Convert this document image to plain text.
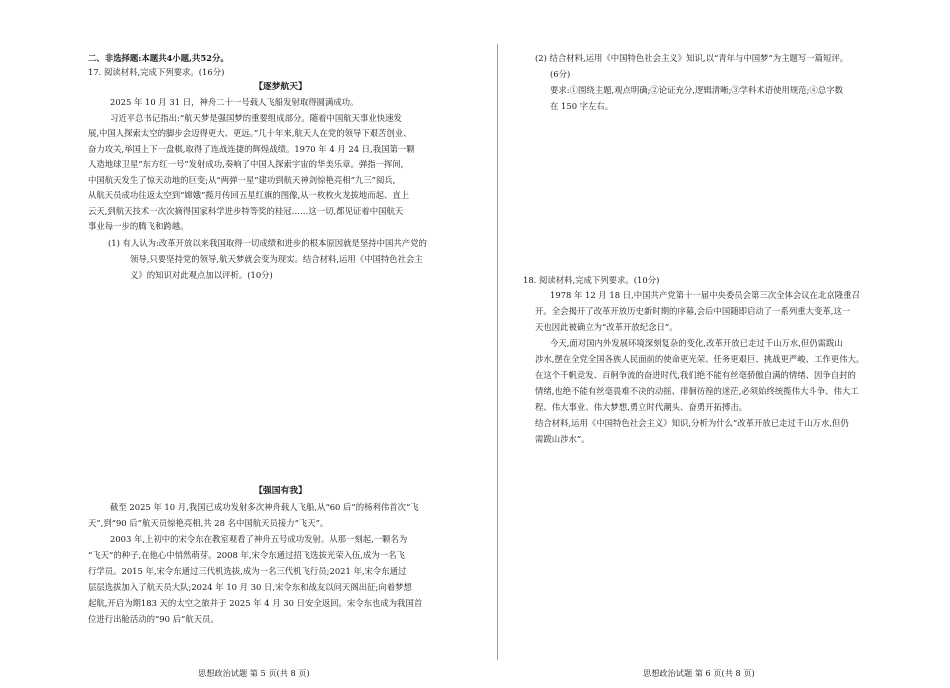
二、非选择题:本题共4小题,共52分。
17. 阅读材料,完成下列要求。(16分)
【逐梦航天】
2025 年 10 月 31 日，神舟二十一号载人飞船发射取得圆满成功。
习近平总书记指出:“航天梦是强国梦的重要组成部分。随着中国航天事业快速发
展,中国人探索太空的脚步会迈得更大、更远。”几十年来,航天人在党的领导下艰苦创业、
奋力攻关,举国上下一盘棋,取得了连战连捷的辉煌战绩。1970 年 4 月 24 日,我国第一颗
人造地球卫星“东方红一号”发射成功,奏响了中国人探索宇宙的华美乐章。弹指一挥间,
中国航天发生了惊天动地的巨变;从“两弹一星”建功到航天神剑惊艳亮相“九三”阅兵,
从航天员成功往返太空到“嫦娥”揽月传回五星红旗的图像,从一枚枚火龙拔地而起、直上
云天,到航天技术一次次摘得国家科学进步特等奖的桂冠……这一切,都见证着中国航天
事业每一步的腾飞和跨越。
(1) 有人认为:改革开放以来我国取得一切成绩和进步的根本原因就是坚持中国共产党的
领导,只要坚持党的领导,航天梦就会变为现实。结合材料,运用《中国特色社会主
义》的知识对此观点加以评析。(10分)
【强国有我】
截至 2025 年 10 月,我国已成功发射多次神舟载人飞船,从“60 后”的杨利伟首次“飞
天”,到“90 后”航天员惊艳亮相,共 28 名中国航天员接力“飞天”。
2003 年,上初中的宋令东在教室观看了神舟五号成功发射。从那一刻起,一颗名为
“飞天”的种子,在他心中悄然萌芽。2008 年,宋令东通过招飞选拔光荣入伍,成为一名飞
行学员。2015 年,宋令东通过三代机选拔,成为一名三代机飞行员;2021 年,宋令东通过
层层选拔加入了航天员大队;2024 年 10 月 30 日,宋令东和战友以问天阁出征;向着梦想
起航,开启为期183 天的太空之旅并于 2025 年 4 月 30 日安全返回。宋令东也成为我国首
位进行出舱活动的“90 后”航天员。
思想政治试题 第 5 页(共 8 页)
(2) 结合材料,运用《中国特色社会主义》知识,以“青年与中国梦”为主题写一篇短评。
(6分)
要求:①围绕主题,观点明确;②论证充分,逻辑清晰;③学科术语使用规范;④总字数
在 150 字左右。
18. 阅读材料,完成下列要求。(10分)
1978 年 12 月 18 日,中国共产党第十一届中央委员会第三次全体会议在北京隆重召
开。全会揭开了改革开放历史新时期的序幕,会后中国随即启动了一系列重大变革,这一
天也因此被确立为“改革开放纪念日”。
今天,面对国内外发展环境深刻复杂的变化,改革开放已走过千山万水,但仍需跋山
涉水,摆在全党全国各族人民面前的使命更光荣、任务更艰巨、挑战更严峻、工作更伟大。
在这个千帆竞发、百舸争流的奋进时代,我们绝不能有丝毫骄傲自满的情绪、因争自封的
情绪,也绝不能有丝毫畏难不决的动摇、徘徊彷徨的迷茫,必须始终统揽伟大斗争、伟大工
程、伟大事业、伟大梦想,勇立时代潮头、奋勇开拓搏击。
结合材料,运用《中国特色社会主义》知识,分析为什么”改革开放已走过千山万水,但仍
需跋山涉水”。
思想政治试题 第 6 页(共 8 页)
